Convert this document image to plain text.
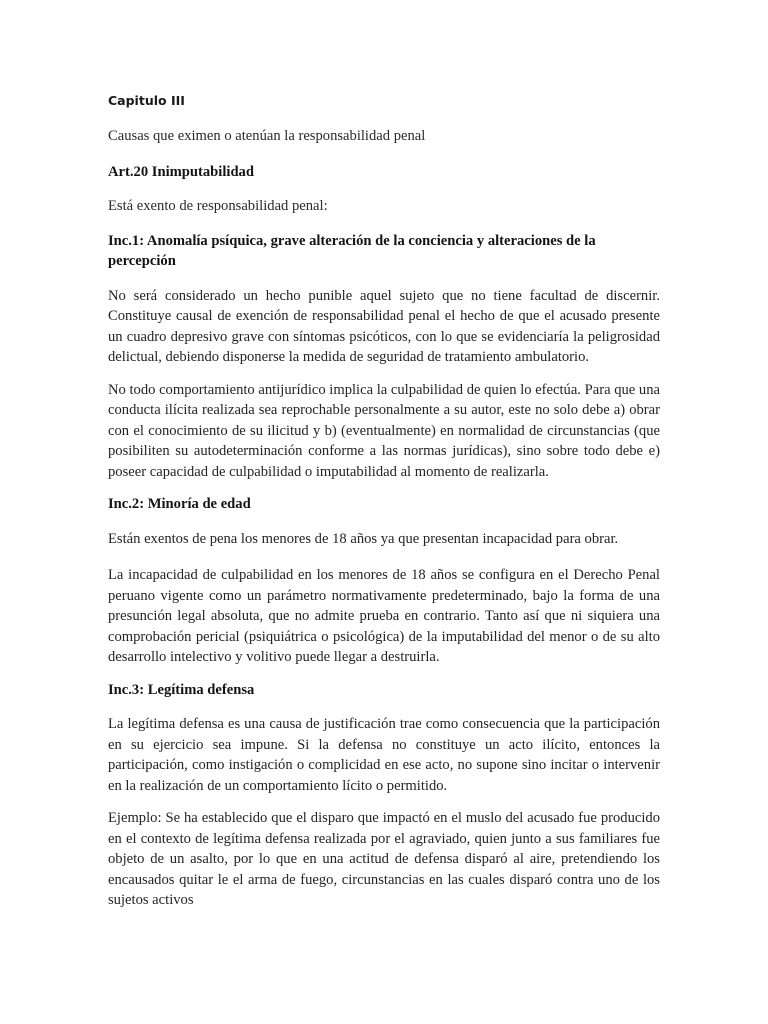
Capitulo III
Causas que eximen o atenúan la responsabilidad penal
Art.20 Inimputabilidad
Está exento de responsabilidad penal:
Inc.1: Anomalía psíquica, grave alteración de la conciencia y alteraciones de la percepción

No será considerado un hecho punible aquel sujeto que no tiene facultad de discernir. Constituye causal de exención de responsabilidad penal el hecho de que el acusado presente un cuadro depresivo grave con síntomas psicóticos, con lo que se evidenciaría la peligrosidad delictual, debiendo disponerse la medida de seguridad de tratamiento ambulatorio.

No todo comportamiento antijurídico implica la culpabilidad de quien lo efectúa. Para que una conducta ilícita realizada sea reprochable personalmente a su autor, este no solo debe a) obrar con el conocimiento de su ilicitud y b) (eventualmente) en normalidad de circunstancias (que posibiliten su autodeterminación conforme a las normas jurídicas), sino sobre todo debe e) poseer capacidad de culpabilidad o imputabilidad al momento de realizarla.

Inc.2: Minoría de edad

Están exentos de pena los menores de 18 años ya que presentan incapacidad para obrar.

La incapacidad de culpabilidad en los menores de 18 años se configura en el Derecho Penal peruano vigente como un parámetro normativamente predeterminado, bajo la forma de una presunción legal absoluta, que no admite prueba en contrario. Tanto así que ni siquiera una comprobación pericial (psiquiátrica o psicológica) de la imputabilidad del menor o de su alto desarrollo intelectivo y volitivo puede llegar a destruirla.

Inc.3: Legítima defensa

La legítima defensa es una causa de justificación trae como consecuencia que la participación en su ejercicio sea impune. Si la defensa no constituye un acto ilícito, entonces la participación, como instigación o complicidad en ese acto, no supone sino incitar o intervenir en la realización de un comportamiento lícito o permitido.

Ejemplo: Se ha establecido que el disparo que impactó en el muslo del acusado fue producido en el contexto de legítima defensa realizada por el agraviado, quien junto a sus familiares fue objeto de un asalto, por lo que en una actitud de defensa disparó al aire, pretendiendo los encausados quitar le el arma de fuego, circunstancias en las cuales disparó contra uno de los sujetos activos
